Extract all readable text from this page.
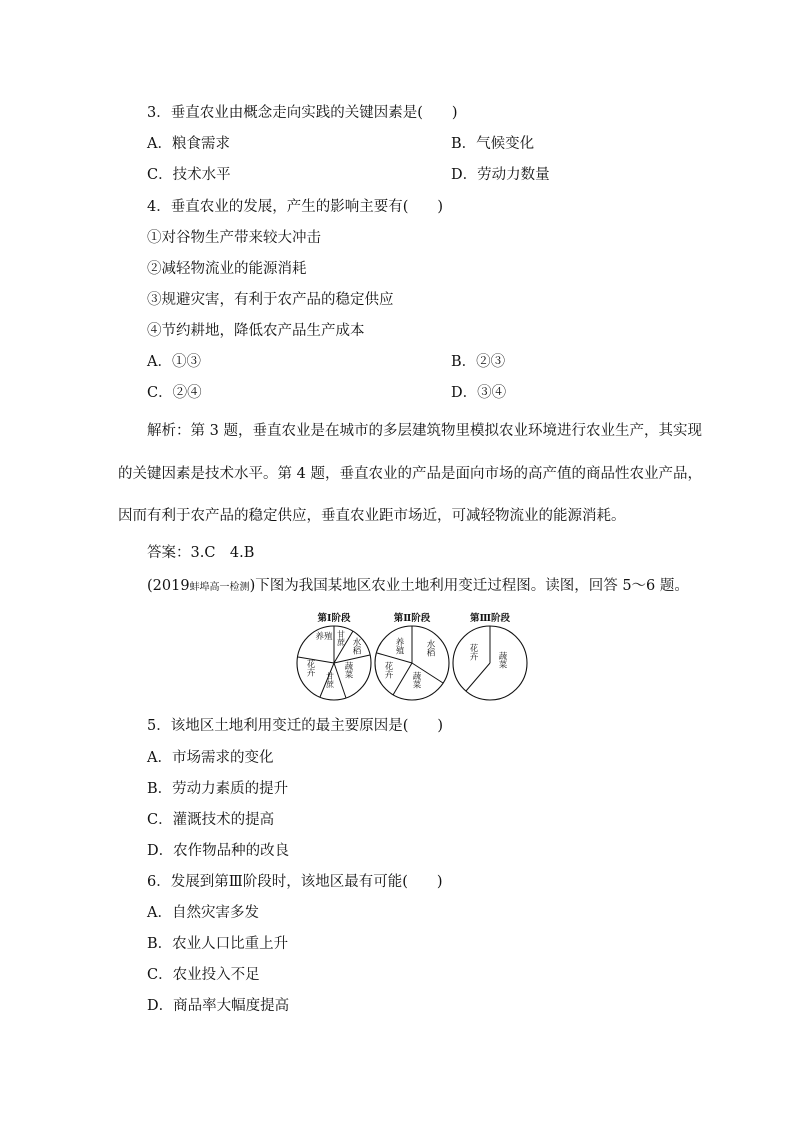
3．垂直农业由概念走向实践的关键因素是(　　)
A．粮食需求	B．气候变化
C．技术水平	D．劳动力数量
4．垂直农业的发展，产生的影响主要有(　　)
①对谷物生产带来较大冲击
②减轻物流业的能源消耗
③规避灾害，有利于农产品的稳定供应
④节约耕地，降低农产品生产成本
A．①③	B．②③
C．②④	D．③④
解析：第 3 题，垂直农业是在城市的多层建筑物里模拟农业环境进行农业生产，其实现
的关键因素是技术水平。第 4 题，垂直农业的产品是面向市场的高产值的商品性农业产品，
因而有利于农产品的稳定供应，垂直农业距市场近，可减轻物流业的能源消耗。
答案：3.C　4.B
(2019蚌埠高一检测)下图为我国某地区农业土地利用变迁过程图。读图，回答 5～6 题。
第Ⅰ阶段
养殖 甘蔗 水稻
花卉
甘蔗
蔬菜
第Ⅱ阶段
养殖 水稻
花卉
蔬菜
第Ⅲ阶段
花卉 蔬菜
5．该地区土地利用变迁的最主要原因是(　　)
A．市场需求的变化
B．劳动力素质的提升
C．灌溉技术的提高
D．农作物品种的改良
6．发展到第Ⅲ阶段时，该地区最有可能(　　)
A．自然灾害多发
B．农业人口比重上升
C．农业投入不足
D．商品率大幅度提高
